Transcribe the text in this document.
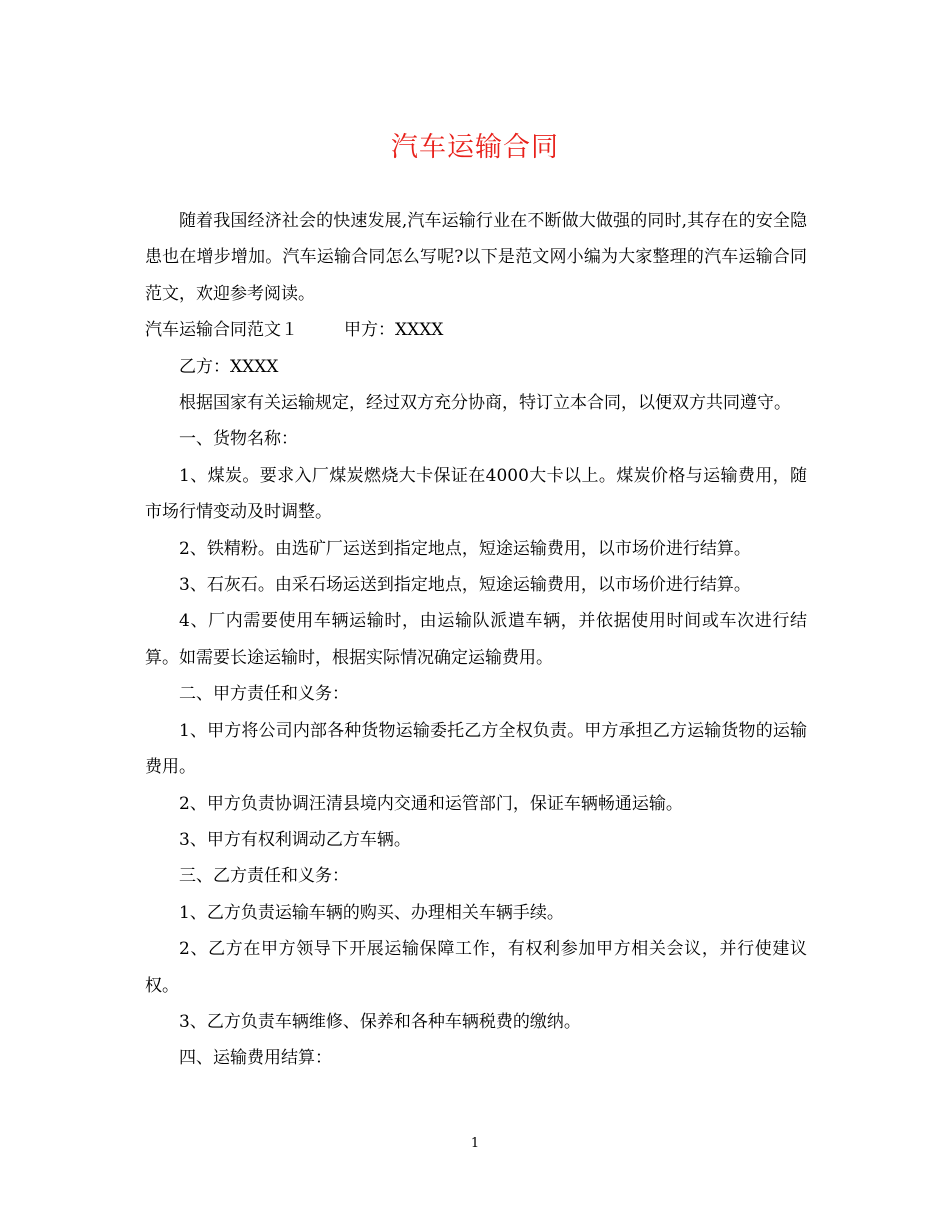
汽车运输合同

随着我国经济社会的快速发展,汽车运输行业在不断做大做强的同时,其存在的安全隐患也在增步增加。汽车运输合同怎么写呢?以下是范文网小编为大家整理的汽车运输合同范文，欢迎参考阅读。

汽车运输合同范文１	甲方：XXXX

乙方：XXXX

根据国家有关运输规定，经过双方充分协商，特订立本合同，以便双方共同遵守。

一、货物名称：

1、煤炭。要求入厂煤炭燃烧大卡保证在4000大卡以上。煤炭价格与运输费用，随市场行情变动及时调整。

2、铁精粉。由选矿厂运送到指定地点，短途运输费用，以市场价进行结算。

3、石灰石。由采石场运送到指定地点，短途运输费用，以市场价进行结算。

4、厂内需要使用车辆运输时，由运输队派遣车辆，并依据使用时间或车次进行结算。如需要长途运输时，根据实际情况确定运输费用。

二、甲方责任和义务：

1、甲方将公司内部各种货物运输委托乙方全权负责。甲方承担乙方运输货物的运输费用。

2、甲方负责协调汪清县境内交通和运管部门，保证车辆畅通运输。

3、甲方有权利调动乙方车辆。

三、乙方责任和义务：

1、乙方负责运输车辆的购买、办理相关车辆手续。

2、乙方在甲方领导下开展运输保障工作，有权利参加甲方相关会议，并行使建议权。

3、乙方负责车辆维修、保养和各种车辆税费的缴纳。

四、运输费用结算：

1
